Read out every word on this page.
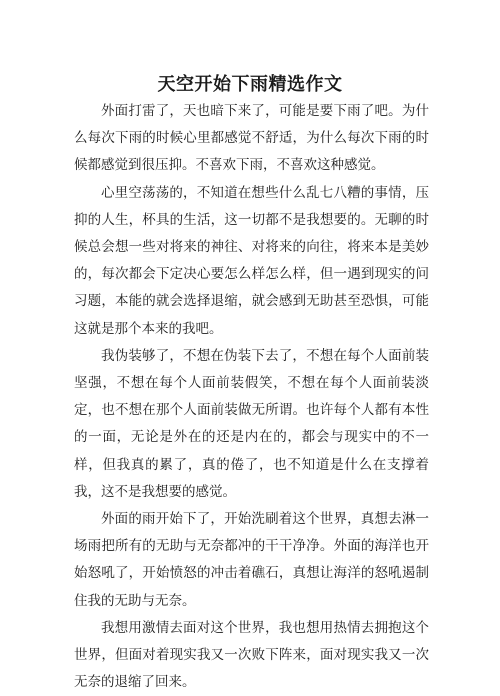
天空开始下雨精选作文

外面打雷了，天也暗下来了，可能是要下雨了吧。为什么每次下雨的时候心里都感觉不舒适，为什么每次下雨的时候都感觉到很压抑。不喜欢下雨，不喜欢这种感觉。

心里空荡荡的，不知道在想些什么乱七八糟的事情，压抑的人生，杯具的生活，这一切都不是我想要的。无聊的时候总会想一些对将来的神往、对将来的向往，将来本是美妙的，每次都会下定决心要怎么样怎么样，但一遇到现实的问习题，本能的就会选择退缩，就会感到无助甚至恐惧，可能这就是那个本来的我吧。

我伪装够了，不想在伪装下去了，不想在每个人面前装坚强，不想在每个人面前装假笑，不想在每个人面前装淡定，也不想在那个人面前装做无所谓。也许每个人都有本性的一面，无论是外在的还是内在的，都会与现实中的不一样，但我真的累了，真的倦了，也不知道是什么在支撑着我，这不是我想要的感觉。

外面的雨开始下了，开始洗刷着这个世界，真想去淋一场雨把所有的无助与无奈都冲的干干净净。外面的海洋也开始怒吼了，开始愤怒的冲击着礁石，真想让海洋的怒吼遏制住我的无助与无奈。

我想用激情去面对这个世界，我也想用热情去拥抱这个世界，但面对着现实我又一次败下阵来，面对现实我又一次无奈的退缩了回来。
